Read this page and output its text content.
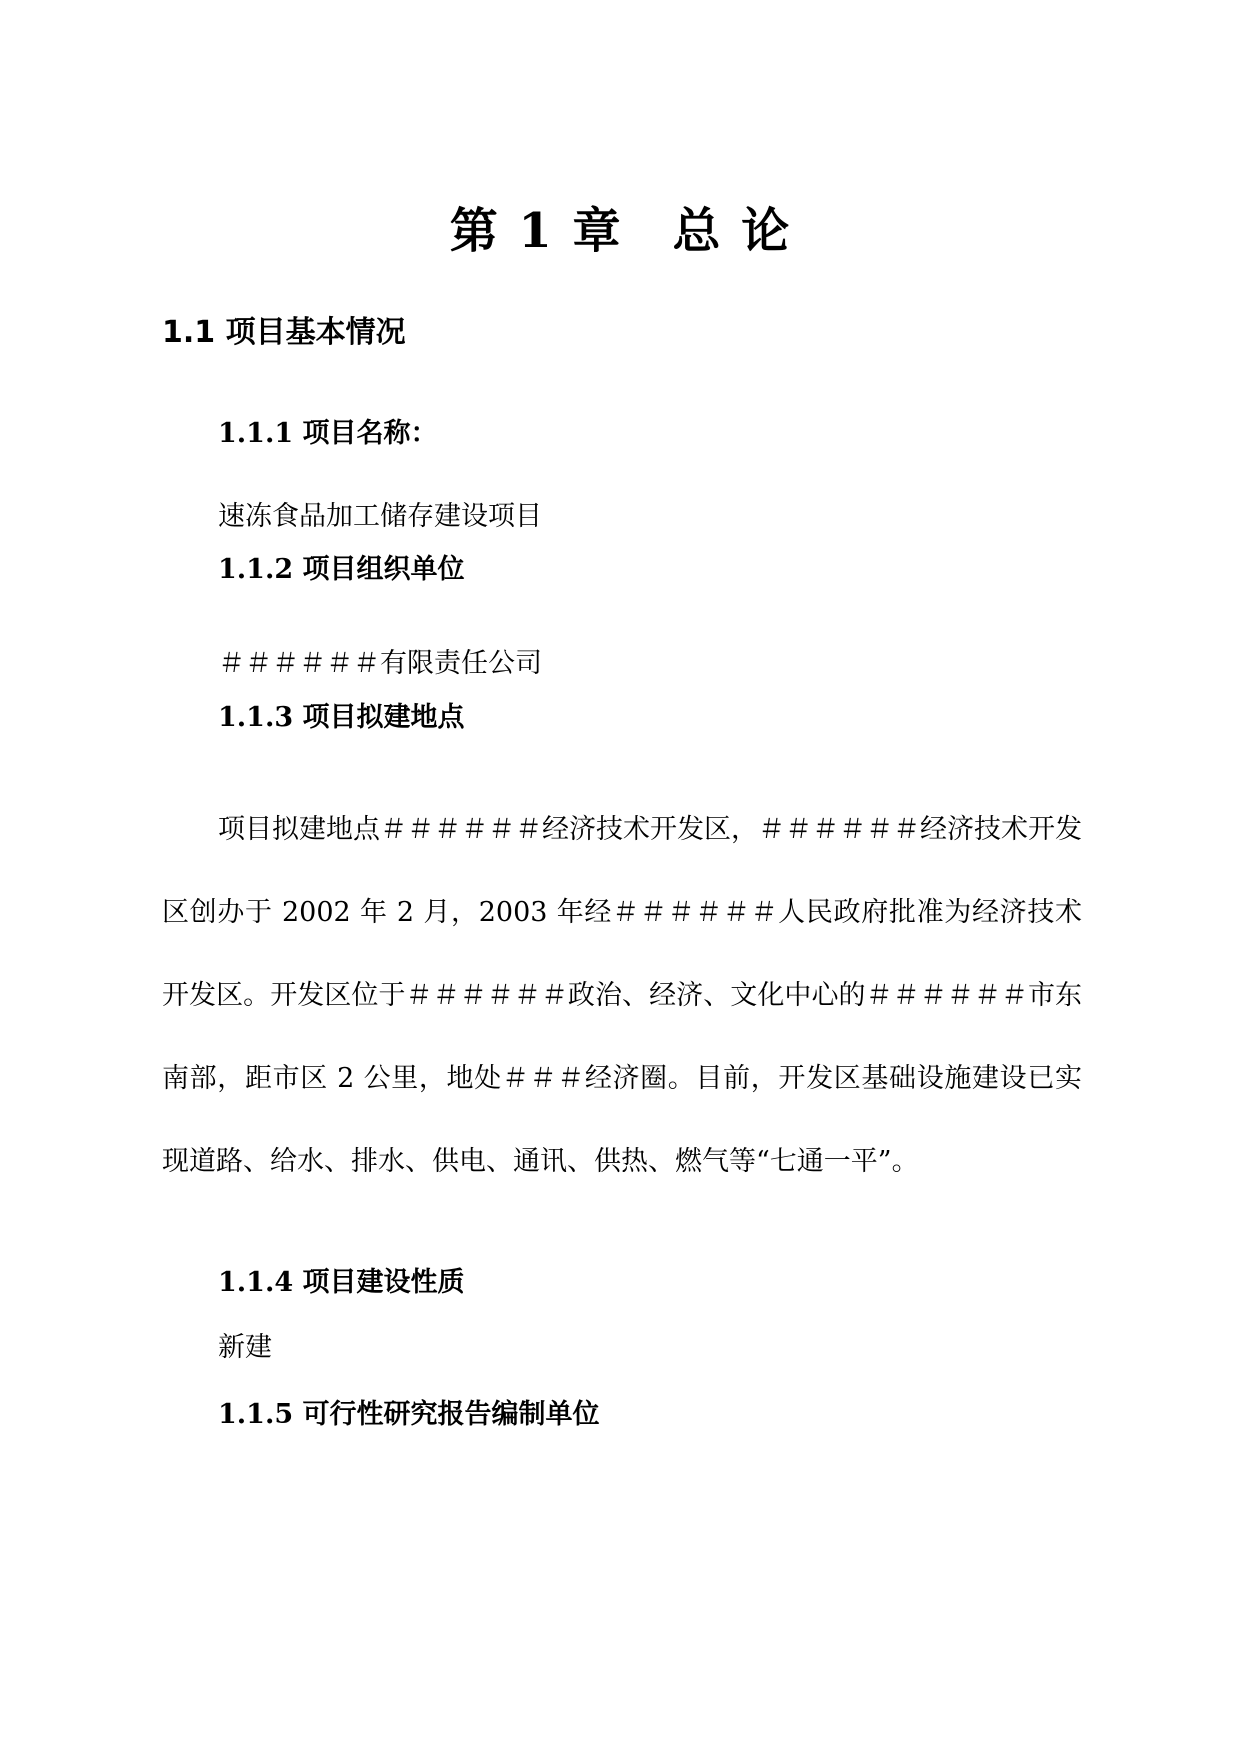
第 1 章　总 论
1.1 项目基本情况
1.1.1 项目名称：
速冻食品加工储存建设项目
1.1.2 项目组织单位
＃＃＃＃＃＃有限责任公司
1.1.3 项目拟建地点

项目拟建地点＃＃＃＃＃＃经济技术开发区，＃＃＃＃＃＃经济技术开发区创办于 2002 年 2 月，2003 年经＃＃＃＃＃＃人民政府批准为经济技术开发区。开发区位于＃＃＃＃＃＃政治、经济、文化中心的＃＃＃＃＃＃市东南部，距市区 2 公里，地处＃＃＃经济圈。目前，开发区基础设施建设已实现道路、给水、排水、供电、通讯、供热、燃气等“七通一平”。

1.1.4 项目建设性质
新建
1.1.5 可行性研究报告编制单位
